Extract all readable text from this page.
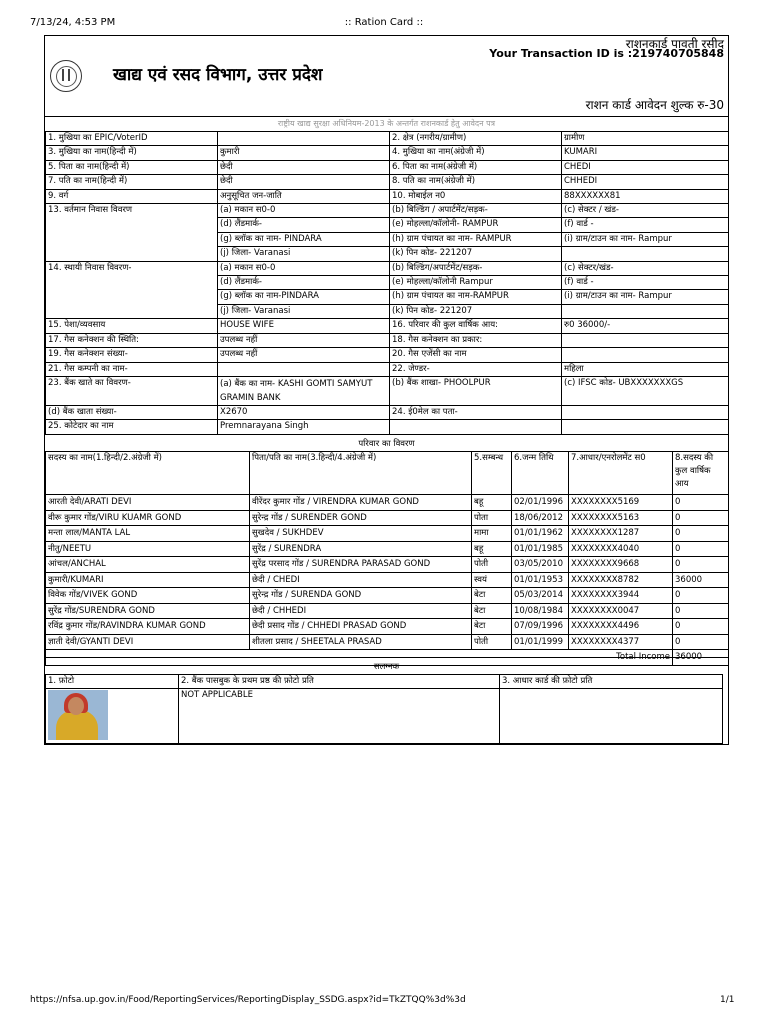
7/13/24, 4:53 PM	:: Ration Card ::
राशनकार्ड पावती रसीद
Your Transaction ID is :219740705848
खाद्य एवं रसद विभाग, उत्तर प्रदेश
राशन कार्ड आवेदन शुल्क रु-30
राष्ट्रीय खाद्य सुरक्षा अधिनियम-2013 के अन्तर्गत राशनकार्ड हेतु आवेदन पत्र
1. मुखिया का EPIC/VoterID		2. क्षेत्र (नगरीय/ग्रामीण)	ग्रामीण
3. मुखिया का नाम(हिन्दी में)	कुमारी	4. मुखिया का नाम(अंग्रेजी में)	KUMARI
5. पिता का नाम(हिन्दी में)	छेदी	6. पिता का नाम(अंग्रेजी में)	CHEDI
7. पति का नाम(हिन्दी में)	छेदी	8. पति का नाम(अंग्रेजी में)	CHHEDI
9. वर्ग	अनुसूचित जन-जाति	10. मोबाईल न0	88XXXXXX81
13. वर्तमान निवास विवरण	(a) मकान स0-0	(b) बिल्डिंग / अपार्टमेंट/सड़क-	(c) सेक्टर / खंड-
	(d) लैंडमार्क-	(e) मोहल्ला/कॉलोनी- RAMPUR	(f) वार्ड -
	(g) ब्लॉक का नाम- PINDARA	(h) ग्राम पंचायत का नाम- RAMPUR	(i) ग्राम/टाउन का नाम- Rampur
	(j) जिला- Varanasi	(k) पिन कोड- 221207	
14. स्थायी निवास विवरण-	(a) मकान स0-0	(b) बिल्डिंग/अपार्टमेंट/सड़क-	(c) सेक्टर/खंड-
	(d) लैंडमार्क-	(e) मोहल्ला/कॉलोनी Rampur	(f) वार्ड -
	(g) ब्लॉक का नाम-PINDARA	(h) ग्राम पंचायत का नाम-RAMPUR	(i) ग्राम/टाउन का नाम- Rampur
	(j) जिला- Varanasi	(k) पिन कोड- 221207	
15. पेशा/व्यवसाय	HOUSE WIFE	16. परिवार की कुल वार्षिक आय:	रु0 36000/-
17. गैस कनेक्शन की स्थिति:	उपलब्ध नहीं	18. गैस कनेक्शन का प्रकार:	
19. गैस कनेक्शन संख्या-	उपलब्ध नहीं	20. गैस एजेंसी का नाम	
21. गैस कम्पनी का नाम-		22. जेण्डर-	महिला
23. बैंक खाते का विवरण-	(a) बैंक का नाम- KASHI GOMTI SAMYUT GRAMIN BANK	(b) बैंक शाखा- PHOOLPUR	(c) IFSC कोड- UBXXXXXXXGS
(d) बैंक खाता संख्या-	X2670	24. ई0मेल का पता-	
25. कोटेदार का नाम	Premnarayana Singh		
परिवार का विवरण
सदस्य का नाम(1.हिन्दी/2.अंग्रेजी में)	पिता/पति का नाम(3.हिन्दी/4.अंग्रेजी में)	5.सम्बन्ध	6.जन्म तिथि	7.आधार/एनरोलमेंट स0	8.सदस्य की कुल वार्षिक आय
आरती देवी/ARATI DEVI	वीरेंदर कुमार गोंड / VIRENDRA KUMAR GOND	बहू	02/01/1996	XXXXXXXX5169	0
वीरू कुमार गोंड/VIRU KUAMR GOND	सुरेन्द्र गोंड / SURENDER GOND	पोता	18/06/2012	XXXXXXXX5163	0
मन्ता लाल/MANTA LAL	सुखदेव / SUKHDEV	मामा	01/01/1962	XXXXXXXX1287	0
नीतु/NEETU	सुरेंद्र / SURENDRA	बहू	01/01/1985	XXXXXXXX4040	0
आंचल/ANCHAL	सुरेंद्र परसाद गोंड / SURENDRA PARASAD GOND	पोती	03/05/2010	XXXXXXXX9668	0
कुमारी/KUMARI	छेदी / CHEDI	स्वयं	01/01/1953	XXXXXXXX8782	36000
विवेक गोंड/VIVEK GOND	सुरेन्द्र गोंड / SURENDA GOND	बेटा	05/03/2014	XXXXXXXX3944	0
सुरेंद्र गोंड/SURENDRA GOND	छेदी / CHHEDI	बेटा	10/08/1984	XXXXXXXX0047	0
रविंद्र कुमार गोंड/RAVINDRA KUMAR GOND	छेदी प्रसाद गोंड / CHHEDI PRASAD GOND	बेटा	07/09/1996	XXXXXXXX4496	0
ज्ञाती देवी/GYANTI DEVI	शीतला प्रसाद / SHEETALA PRASAD	पोती	01/01/1999	XXXXXXXX4377	0
Total Income					36000
सलग्नक
1. फ़ोटो	2. बैंक पासबुक के प्रथम प्रष्ठ की फ़ोटो प्रति	3. आधार कार्ड की फ़ोटो प्रति

	NOT APPLICABLE	
https://nfsa.up.gov.in/Food/ReportingServices/ReportingDisplay_SSDG.aspx?id=TkZTQQ%3d%3d	1/1
